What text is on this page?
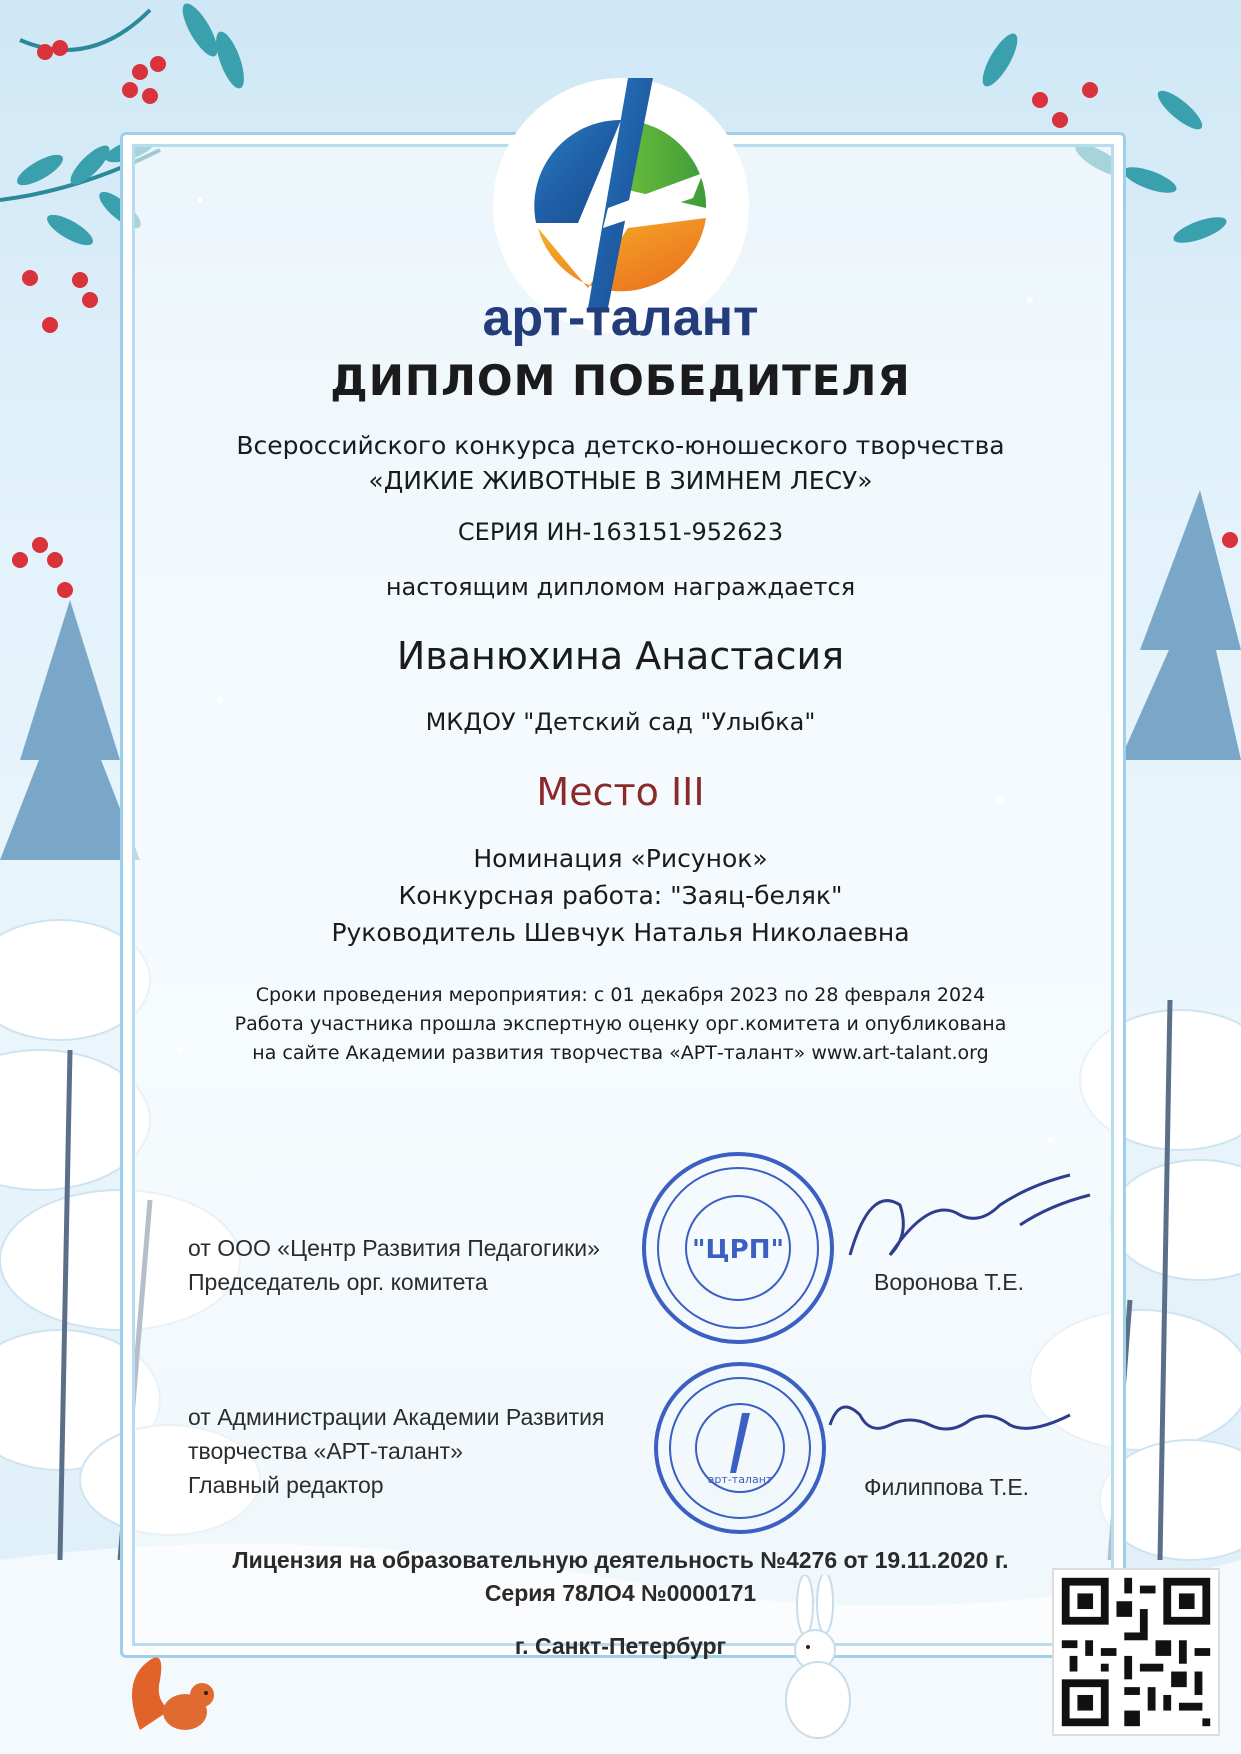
арт-талант
ДИПЛОМ ПОБЕДИТЕЛЯ
Всероссийского конкурса детско-юношеского творчества
«ДИКИЕ ЖИВОТНЫЕ В ЗИМНЕМ ЛЕСУ»
СЕРИЯ ИН-163151-952623
настоящим дипломом награждается
Иванюхина Анастасия
МКДОУ "Детский сад "Улыбка"
Место III
Номинация «Рисунок»
Конкурсная работа: "Заяц-беляк"
Руководитель Шевчук Наталья Николаевна
Сроки проведения мероприятия: с 01 декабря 2023 по 28 февраля 2024
Работа участника прошла экспертную оценку орг.комитета и опубликована
на сайте Академии развития творчества «АРТ-талант» www.art-talant.org
от ООО «Центр Развития Педагогики»
Председатель орг. комитета
"ЦРП"
Воронова Т.Е.
от Администрации Академии Развития
творчества «АРТ-талант»
Главный редактор	арт-талант	Филиппова Т.Е.
Лицензия на образовательную деятельность №4276 от 19.11.2020 г.
Серия 78ЛО4 №0000171
г. Санкт-Петербург
